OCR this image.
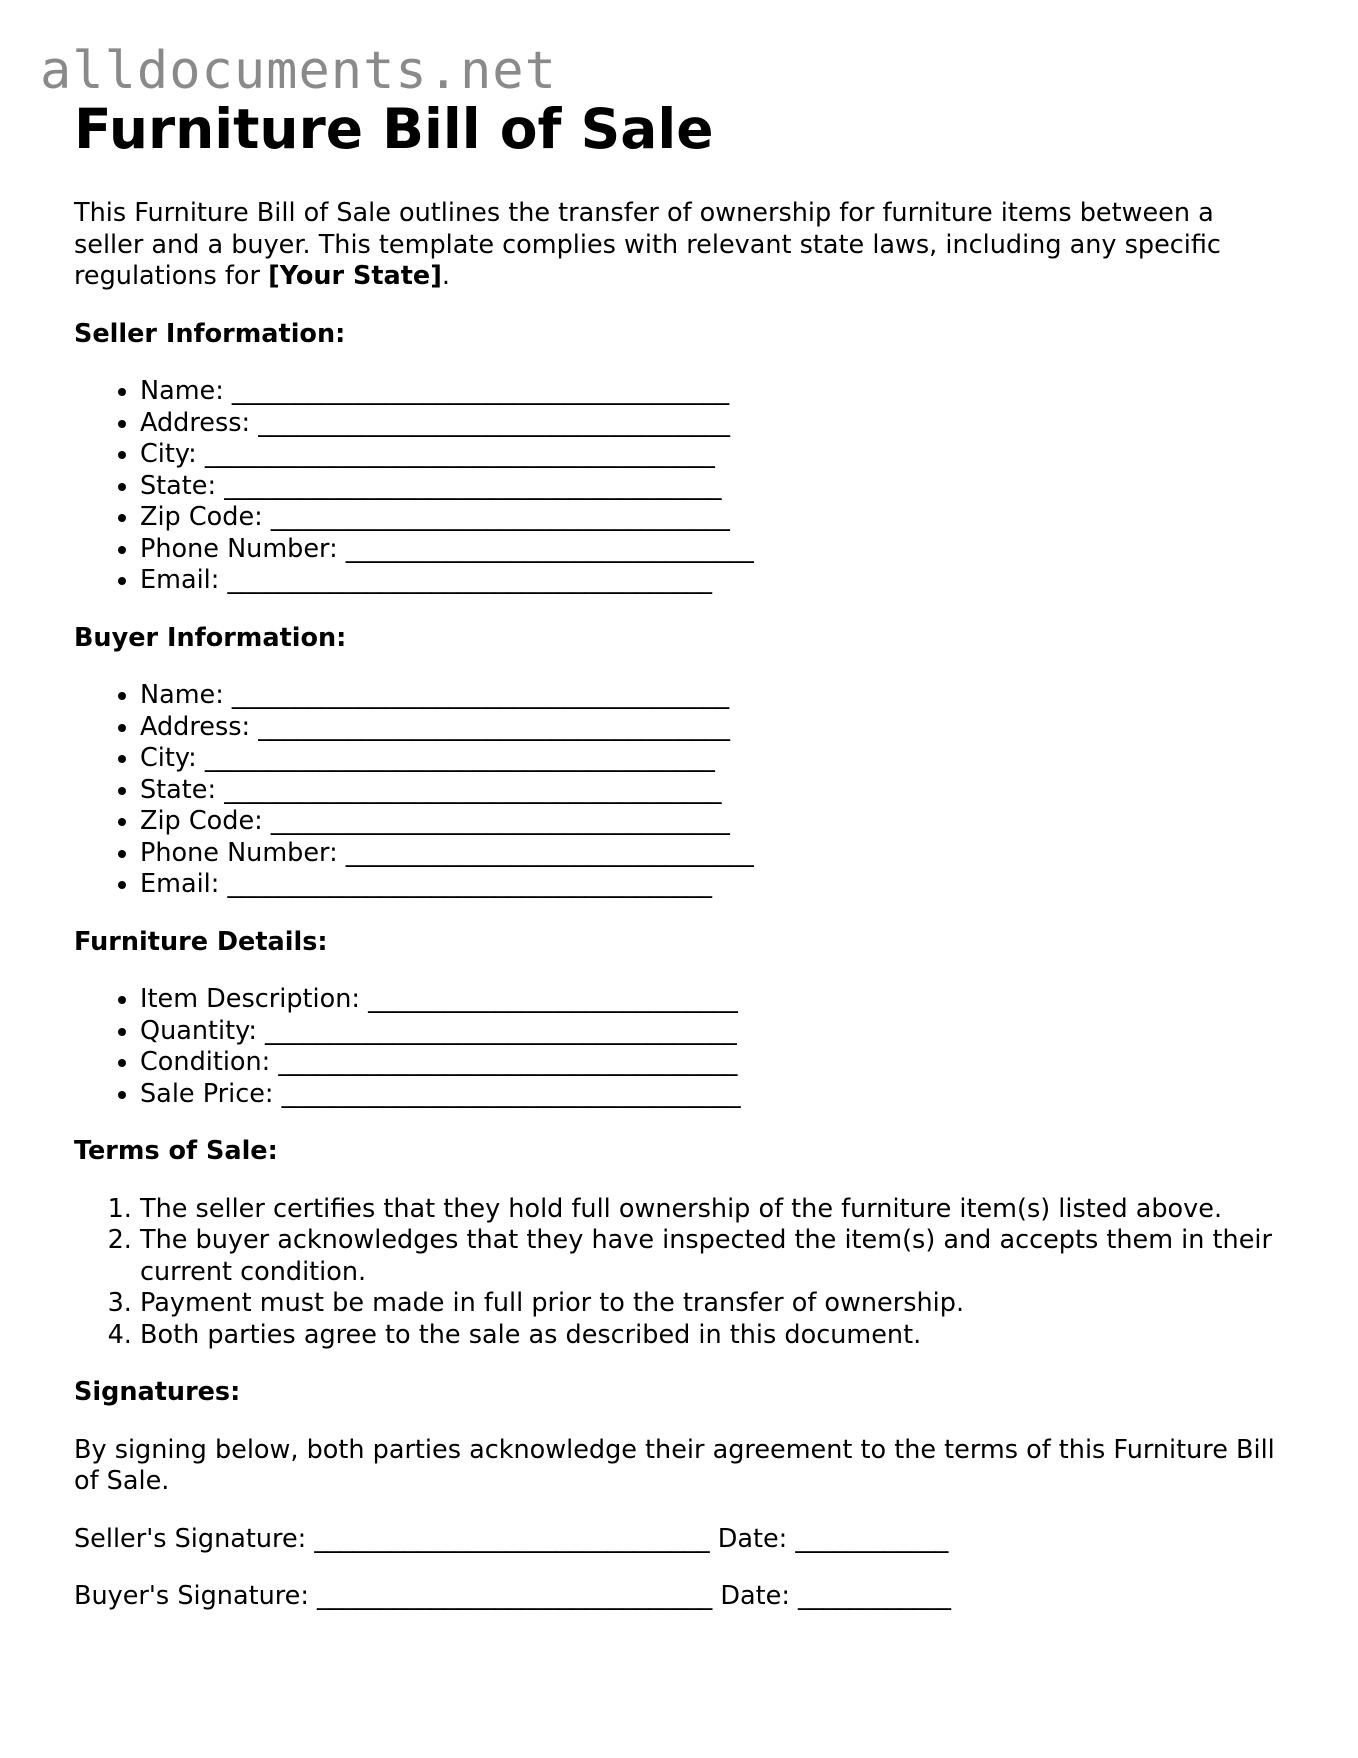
alldocuments.net
Furniture Bill of Sale

This Furniture Bill of Sale outlines the transfer of ownership for furniture items between a seller and a buyer. This template complies with relevant state laws, including any specific regulations for [Your State].

Seller Information:
• Name: _______________________________________
• Address: _____________________________________
• City: ________________________________________
• State: _______________________________________
• Zip Code: ____________________________________
• Phone Number: ________________________________
• Email: ______________________________________
Buyer Information:
• Name: _______________________________________
• Address: _____________________________________
• City: ________________________________________
• State: _______________________________________
• Zip Code: ____________________________________
• Phone Number: ________________________________
• Email: ______________________________________
Furniture Details:
• Item Description: _____________________________
• Quantity: _____________________________________
• Condition: ____________________________________
• Sale Price: ____________________________________
Terms of Sale:
1. The seller certifies that they hold full ownership of the furniture item(s) listed above.
2. The buyer acknowledges that they have inspected the item(s) and accepts them in their current condition.
3. Payment must be made in full prior to the transfer of ownership.
4. Both parties agree to the sale as described in this document.
Signatures:

By signing below, both parties acknowledge their agreement to the terms of this Furniture Bill of Sale.

Seller's Signature: _______________________________ Date: ____________

Buyer's Signature: _______________________________ Date: ____________
